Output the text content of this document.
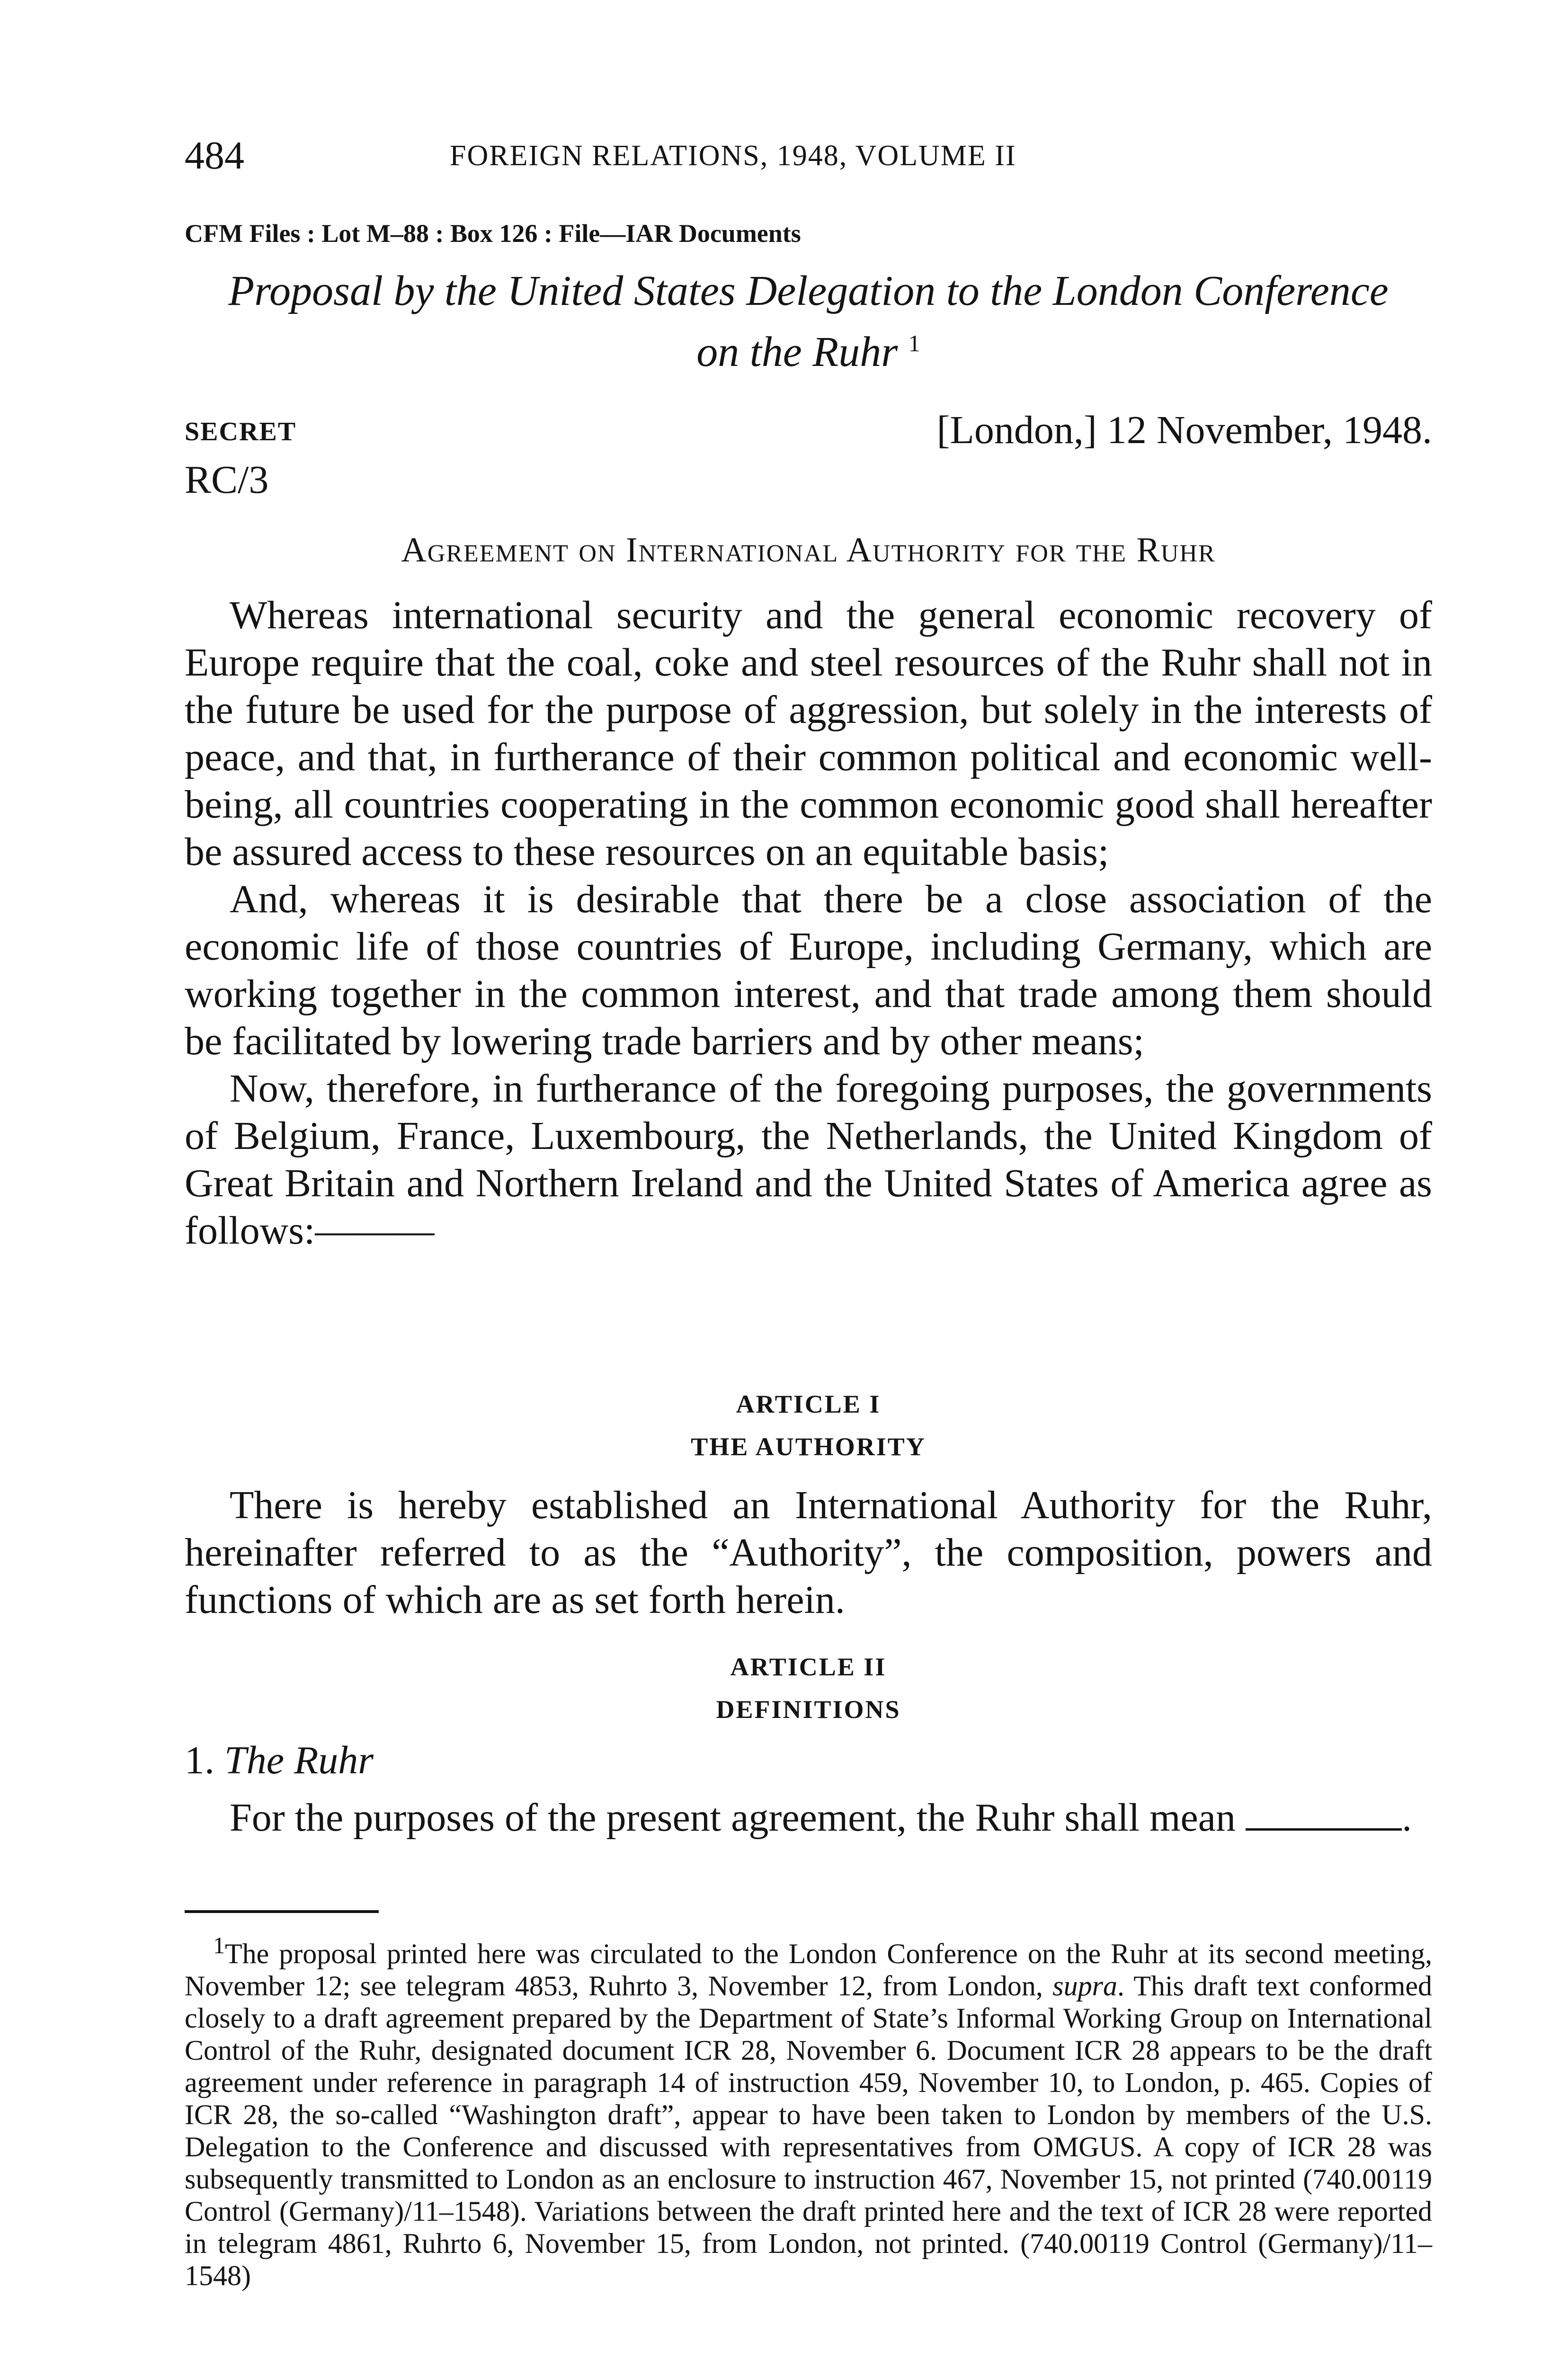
484	FOREIGN RELATIONS, 1948, VOLUME II
CFM Files : Lot M–88 : Box 126 : File—IAR Documents
Proposal by the United States Delegation to the London Conference
on the Ruhr $^1$
SECRET	[London,] 12 November, 1948.
RC/3
Agreement on International Authority for the Ruhr

Whereas international security and the general economic recovery of Europe require that the coal, coke and steel resources of the Ruhr shall not in the future be used for the purpose of aggression, but solely in the interests of peace, and that, in furtherance of their common political and economic well-being, all countries cooperating in the common economic good shall hereafter be assured access to these resources on an equitable basis;

And, whereas it is desirable that there be a close association of the economic life of those countries of Europe, including Germany, which are working together in the common interest, and that trade among them should be facilitated by lowering trade barriers and by other means;

Now, therefore, in furtherance of the foregoing purposes, the governments of Belgium, France, Luxembourg, the Netherlands, the United Kingdom of Great Britain and Northern Ireland and the United States of America agree as follows:———

ARTICLE I
THE AUTHORITY

There is hereby established an International Authority for the Ruhr, hereinafter referred to as the “Authority”, the composition, powers and functions of which are as set forth herein.

ARTICLE II
DEFINITIONS
1. The Ruhr

For the purposes of the present agreement, the Ruhr shall mean	.

$^1$The proposal printed here was circulated to the London Conference on the Ruhr at its second meeting, November 12; see telegram 4853, Ruhrto 3, November 12, from London, supra. This draft text conformed closely to a draft agreement prepared by the Department of State’s Informal Working Group on International Control of the Ruhr, designated document ICR 28, November 6. Document ICR 28 appears to be the draft agreement under reference in paragraph 14 of instruction 459, November 10, to London, p. 465. Copies of ICR 28, the so-called “Washington draft”, appear to have been taken to London by members of the U.S. Delegation to the Conference and discussed with representatives from OMGUS. A copy of ICR 28 was subsequently transmitted to London as an enclosure to instruction 467, November 15, not printed (740.00119 Control (Germany)/11–1548). Variations between the draft printed here and the text of ICR 28 were reported in telegram 4861, Ruhrto 6, November 15, from London, not printed. (740.00119 Control (Germany)/11–1548)
